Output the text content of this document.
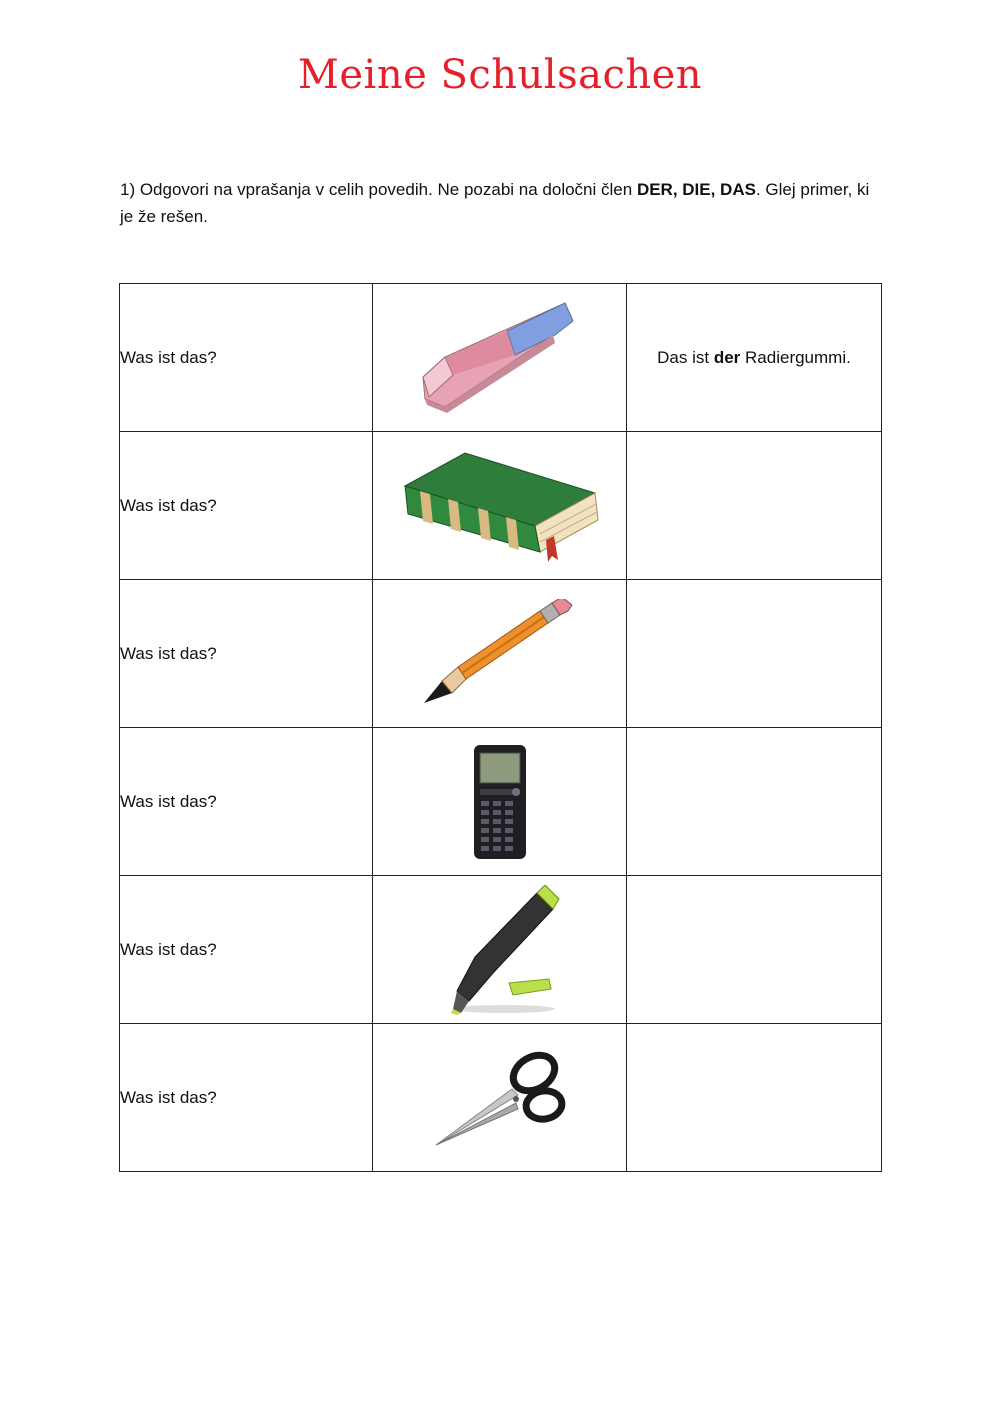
Meine Schulsachen
1) Odgovori na vprašanja v celih povedih. Ne pozabi na določni člen DER, DIE, DAS. Glej primer, ki je že rešen.
Was ist das?		Das ist der Radiergummi.
Was ist das?	

Was ist das?	

Was ist das?	

Was ist das?	

Was ist das?	
